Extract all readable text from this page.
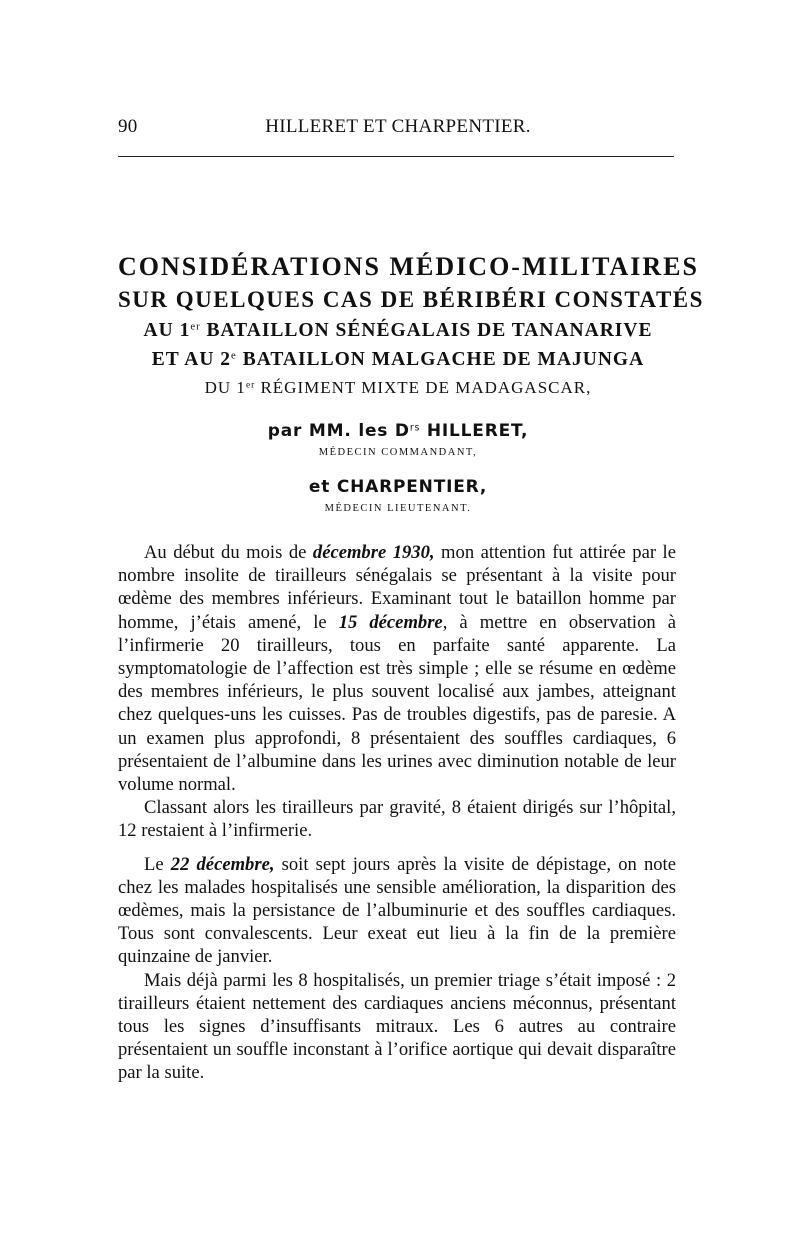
90	HILLERET ET CHARPENTIER.

CONSIDÉRATIONS MÉDICO-MILITAIRES

SUR QUELQUES CAS DE BÉRIBÉRI CONSTATÉS

AU 1er BATAILLON SÉNÉGALAIS DE TANANARIVE

ET AU 2e BATAILLON MALGACHE DE MAJUNGA

DU 1er RÉGIMENT MIXTE DE MADAGASCAR,

par MM. les $D^{rs}$ HILLERET,

MÉDECIN COMMANDANT,

et CHARPENTIER,

MÉDECIN LIEUTENANT.

Au début du mois de décembre 1930, mon attention fut attirée par le nombre insolite de tirailleurs sénégalais se présentant à la visite pour œdème des membres inférieurs. Examinant tout le bataillon homme par homme, j’étais amené, le 15 décembre, à mettre en observation à l’infirmerie 20 tirailleurs, tous en parfaite santé apparente. La symptomatologie de l’affection est très simple ; elle se résume en œdème des membres inférieurs, le plus souvent localisé aux jambes, atteignant chez quelques-uns les cuisses. Pas de troubles digestifs, pas de paresie. A un examen plus approfondi, 8 présentaient des souffles cardiaques, 6 présentaient de l’albumine dans les urines avec diminution notable de leur volume normal.

Classant alors les tirailleurs par gravité, 8 étaient dirigés sur l’hôpital, 12 restaient à l’infirmerie.

Le 22 décembre, soit sept jours après la visite de dépistage, on note chez les malades hospitalisés une sensible amélioration, la disparition des œdèmes, mais la persistance de l’albuminurie et des souffles cardiaques. Tous sont convalescents. Leur exeat eut lieu à la fin de la première quinzaine de janvier.

Mais déjà parmi les 8 hospitalisés, un premier triage s’était imposé : 2 tirailleurs étaient nettement des cardiaques anciens méconnus, présentant tous les signes d’insuffisants mitraux. Les 6 autres au contraire présentaient un souffle inconstant à l’orifice aortique qui devait disparaître par la suite.
